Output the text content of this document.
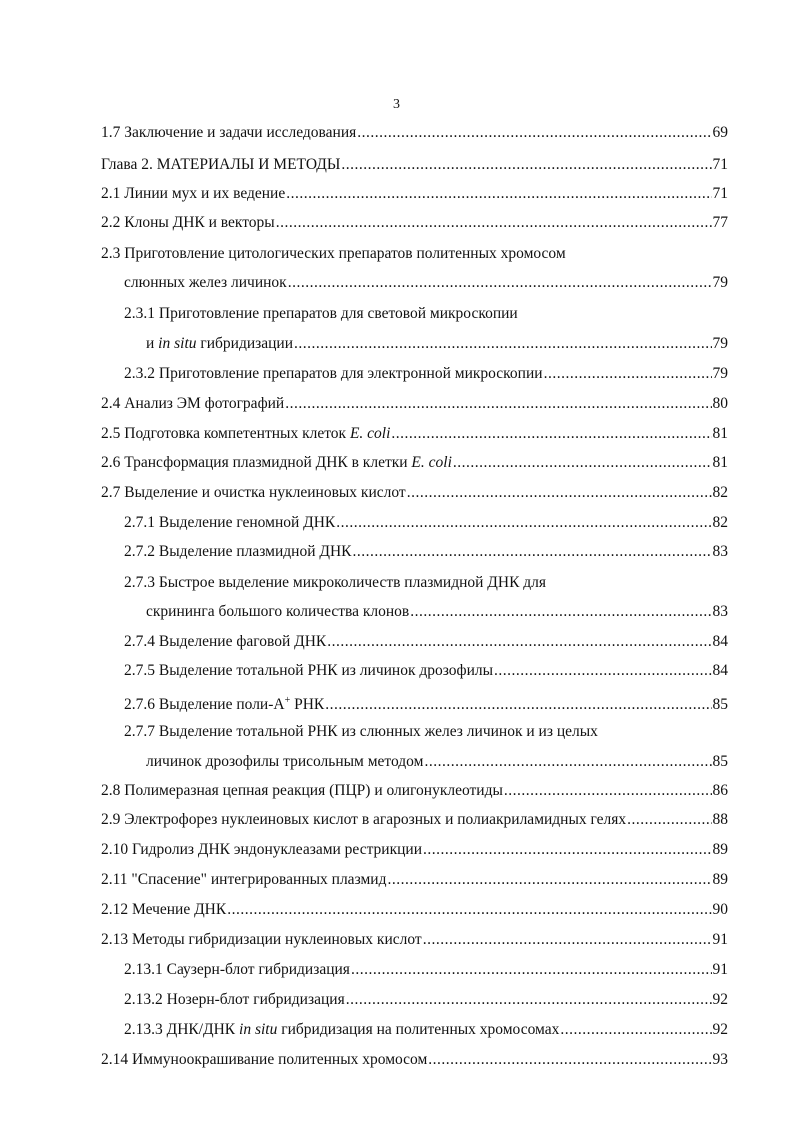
3
1.7 Заключение и задачи исследования .....	69
Глава 2. МАТЕРИАЛЫ И МЕТОДЫ .....	71
2.1 Линии мух и их ведение .....	71
2.2 Клоны ДНК и векторы .....	77
2.3 Приготовление цитологических препаратов политенных хромосом
слюнных желез личинок .....	79
2.3.1 Приготовление препаратов для световой микроскопии
и in situ гибридизации .....	79
2.3.2 Приготовление препаратов для электронной микроскопии .....	79
2.4 Анализ ЭМ фотографий .....	80
2.5 Подготовка компетентных клеток E. coli .....	81
2.6 Трансформация плазмидной ДНК в клетки E. coli .....	81
2.7 Выделение и очистка нуклеиновых кислот .....	82
2.7.1 Выделение геномной ДНК .....	82
2.7.2 Выделение плазмидной ДНК .....	83
2.7.3 Быстрое выделение микроколичеств плазмидной ДНК для
скрининга большого количества клонов .....	83
2.7.4 Выделение фаговой ДНК .....	84
2.7.5 Выделение тотальной РНК из личинок дрозофилы .....	84
2.7.6 Выделение поли-А+ РНК .....	85
2.7.7 Выделение тотальной РНК из слюнных желез личинок и из целых
личинок дрозофилы трисольным методом .....	85
2.8 Полимеразная цепная реакция (ПЦР) и олигонуклеотиды .....	86
2.9 Электрофорез нуклеиновых кислот в агарозных и полиакриламидных гелях .....	88
2.10 Гидролиз ДНК эндонуклеазами рестрикции .....	89
2.11 "Спасение" интегрированных плазмид .....	89
2.12 Мечение ДНК .....	90
2.13 Методы гибридизации нуклеиновых кислот .....	91
2.13.1 Саузерн-блот гибридизация .....	91
2.13.2 Нозерн-блот гибридизация .....	92
2.13.3 ДНК/ДНК in situ гибридизация на политенных хромосомах .....	92
2.14 Иммуноокрашивание политенных хромосом .....	93
